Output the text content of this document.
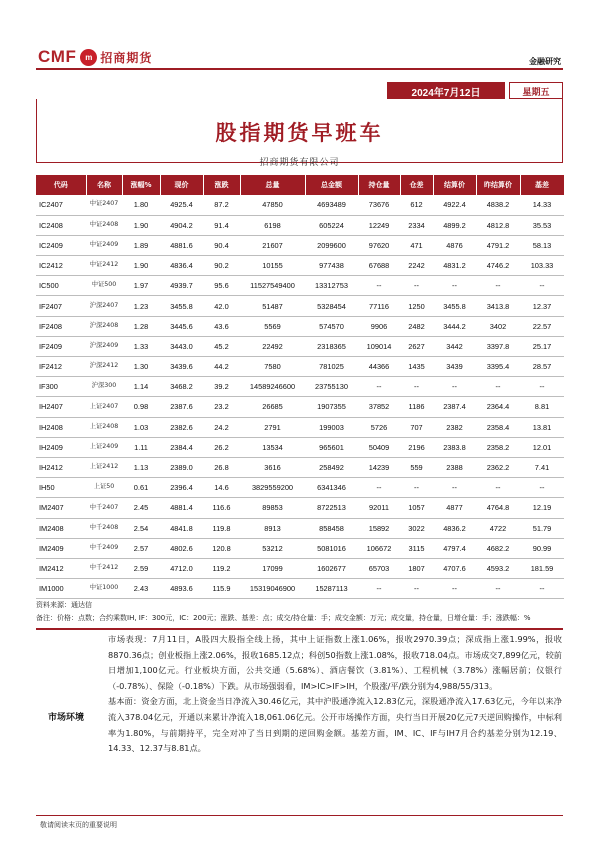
CMF	m 招商期货	金融研究
2024年7月12日	星期五
股指期货早班车
招商期货有限公司
代码	名称	涨幅%	现价	涨跌	总量	总金额	持仓量	仓差	结算价	昨结算价	基差
IC2407	中证2407	1.80	4925.4	87.2	47850	4693489	73676	612	4922.4	4838.2	14.33
IC2408	中证2408	1.90	4904.2	91.4	6198	605224	12249	2334	4899.2	4812.8	35.53
IC2409	中证2409	1.89	4881.6	90.4	21607	2099600	97620	471	4876	4791.2	58.13
IC2412	中证2412	1.90	4836.4	90.2	10155	977438	67688	2242	4831.2	4746.2	103.33
IC500	中证500	1.97	4939.7	95.6	11527549400	13312753	--	--	--	--	--
IF2407	沪深2407	1.23	3455.8	42.0	51487	5328454	77116	1250	3455.8	3413.8	12.37
IF2408	沪深2408	1.28	3445.6	43.6	5569	574570	9906	2482	3444.2	3402	22.57
IF2409	沪深2409	1.33	3443.0	45.2	22492	2318365	109014	2627	3442	3397.8	25.17
IF2412	沪深2412	1.30	3439.6	44.2	7580	781025	44366	1435	3439	3395.4	28.57
IF300	沪深300	1.14	3468.2	39.2	14589246600	23755130	--	--	--	--	--
IH2407	上证2407	0.98	2387.6	23.2	26685	1907355	37852	1186	2387.4	2364.4	8.81
IH2408	上证2408	1.03	2382.6	24.2	2791	199003	5726	707	2382	2358.4	13.81
IH2409	上证2409	1.11	2384.4	26.2	13534	965601	50409	2196	2383.8	2358.2	12.01
IH2412	上证2412	1.13	2389.0	26.8	3616	258492	14239	559	2388	2362.2	7.41
IH50	上证50	0.61	2396.4	14.6	3829559200	6341346	--	--	--	--	--
IM2407	中千2407	2.45	4881.4	116.6	89853	8722513	92011	1057	4877	4764.8	12.19
IM2408	中千2408	2.54	4841.8	119.8	8913	858458	15892	3022	4836.2	4722	51.79
IM2409	中千2409	2.57	4802.6	120.8	53212	5081016	106672	3115	4797.4	4682.2	90.99
IM2412	中千2412	2.59	4712.0	119.2	17099	1602677	65703	1807	4707.6	4593.2	181.59
IM1000	中证1000	2.43	4893.6	115.9	15319046900	15287113	--	--	--	--	--
资料来源：通达信
备注：价格：点数；合约乘数IH, IF：300元，IC：200元；涨跌、基差：点；成交/持仓量：手；成交金额：万元；成交量，持仓量，日增仓量：手；涨跌幅：%
市场环境

市场表现：7月11日，A股四大股指全线上扬，其中上证指数上涨1.06%，报收2970.39点；深成指上涨1.99%，报收8870.36点；创业板指上涨2.06%，报收1685.12点；科创50指数上涨1.08%，报收718.04点。市场成交7,899亿元，较前日增加1,100亿元。行业板块方面，公共交通（5.68%）、酒店餐饮（3.81%）、工程机械（3.78%）涨幅居前；仪银行（-0.78%）、保险（-0.18%）下跌。从市场强弱看，IM>IC>IF>IH，个股涨/平/跌分别为4,988/55/313。

基本面：资金方面，北上资金当日净流入30.46亿元，其中沪股通净流入12.83亿元，深股通净流入17.63亿元，今年以来净流入378.04亿元，开通以来累计净流入18,061.06亿元。公开市场操作方面，央行当日开展20亿元7天逆回购操作，中标利率为1.80%，与前期持平，完全对冲了当日到期的逆回购金额。基差方面，IM、IC、IF与IH7月合约基差分别为12.19、14.33、12.37与8.81点。

敬请阅读末页的重要说明
